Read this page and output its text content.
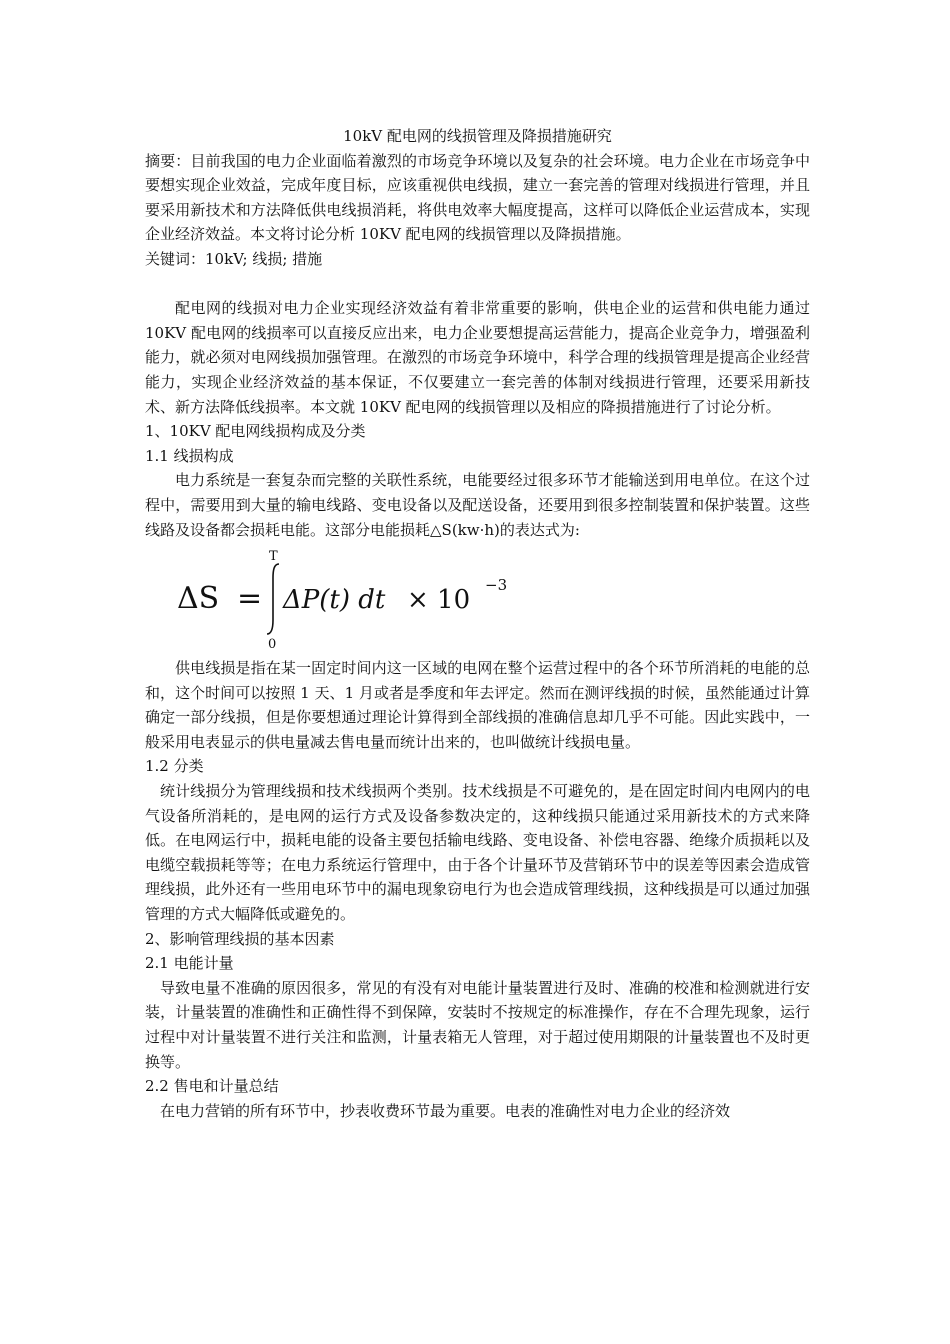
10kV 配电网的线损管理及降损措施研究

摘要：目前我国的电力企业面临着激烈的市场竞争环境以及复杂的社会环境。电力企业在市场竞争中要想实现企业效益，完成年度目标，应该重视供电线损，建立一套完善的管理对线损进行管理，并且要采用新技术和方法降低供电线损消耗，将供电效率大幅度提高，这样可以降低企业运营成本，实现企业经济效益。本文将讨论分析 10KV 配电网的线损管理以及降损措施。

关键词：10kV; 线损; 措施

配电网的线损对电力企业实现经济效益有着非常重要的影响，供电企业的运营和供电能力通过 10KV 配电网的线损率可以直接反应出来，电力企业要想提高运营能力，提高企业竞争力，增强盈利能力，就必须对电网线损加强管理。在激烈的市场竞争环境中，科学合理的线损管理是提高企业经营能力，实现企业经济效益的基本保证，不仅要建立一套完善的体制对线损进行管理，还要采用新技术、新方法降低线损率。本文就 10KV 配电网的线损管理以及相应的降损措施进行了讨论分析。

1、10KV 配电网线损构成及分类

1.1 线损构成

电力系统是一套复杂而完整的关联性系统，电能要经过很多环节才能输送到用电单位。在这个过程中，需要用到大量的输电线路、变电设备以及配送设备，还要用到很多控制装置和保护装置。这些线路及设备都会损耗电能。这部分电能损耗△S(kw·h)的表达式为:

ΔS =
T
0
ΔP(t) dt × 10 −3

供电线损是指在某一固定时间内这一区域的电网在整个运营过程中的各个环节所消耗的电能的总和，这个时间可以按照 1 天、1 月或者是季度和年去评定。然而在测评线损的时候，虽然能通过计算确定一部分线损，但是你要想通过理论计算得到全部线损的准确信息却几乎不可能。因此实践中，一般采用电表显示的供电量减去售电量而统计出来的，也叫做统计线损电量。

1.2 分类

统计线损分为管理线损和技术线损两个类别。技术线损是不可避免的，是在固定时间内电网内的电气设备所消耗的，是电网的运行方式及设备参数决定的，这种线损只能通过采用新技术的方式来降低。在电网运行中，损耗电能的设备主要包括输电线路、变电设备、补偿电容器、绝缘介质损耗以及电缆空载损耗等等；在电力系统运行管理中，由于各个计量环节及营销环节中的误差等因素会造成管理线损，此外还有一些用电环节中的漏电现象窃电行为也会造成管理线损，这种线损是可以通过加强管理的方式大幅降低或避免的。

2、影响管理线损的基本因素

2.1 电能计量

导致电量不准确的原因很多，常见的有没有对电能计量装置进行及时、准确的校准和检测就进行安装，计量装置的准确性和正确性得不到保障，安装时不按规定的标准操作，存在不合理先现象，运行过程中对计量装置不进行关注和监测，计量表箱无人管理，对于超过使用期限的计量装置也不及时更换等。

2.2 售电和计量总结

在电力营销的所有环节中，抄表收费环节最为重要。电表的准确性对电力企业的经济效
